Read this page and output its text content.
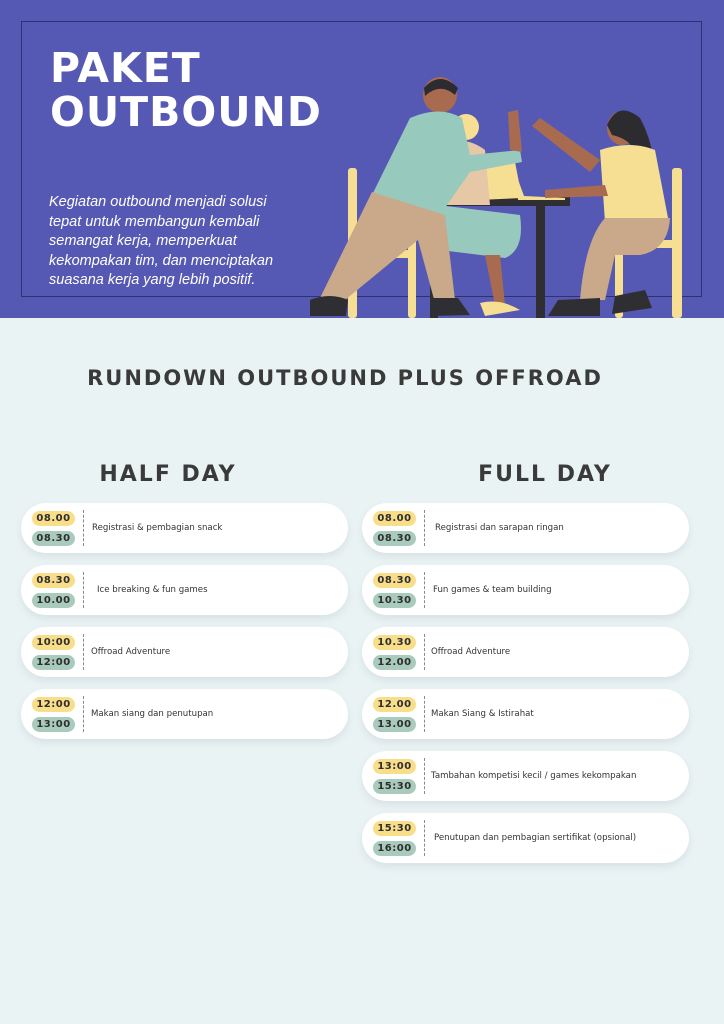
PAKET
OUTBOUND

Kegiatan outbound menjadi solusi tepat untuk membangun kembali semangat kerja, memperkuat kekompakan tim, dan menciptakan suasana kerja yang lebih positif.

RUNDOWN OUTBOUND PLUS OFFROAD
HALF DAY	FULL DAY
08.00
08.30
Registrasi & pembagian snack
08.30
10.00
Ice breaking & fun games
10:00
12:00
Offroad Adventure
12:00
13:00
Makan siang dan penutupan
08.00
08.30
Registrasi dan sarapan ringan
08.30
10.30
Fun games & team building
10.30
12.00
Offroad Adventure
12.00
13.00
Makan Siang & Istirahat
13:00
15:30
Tambahan kompetisi kecil / games kekompakan
15:30
16:00
Penutupan dan pembagian sertifikat (opsional)
